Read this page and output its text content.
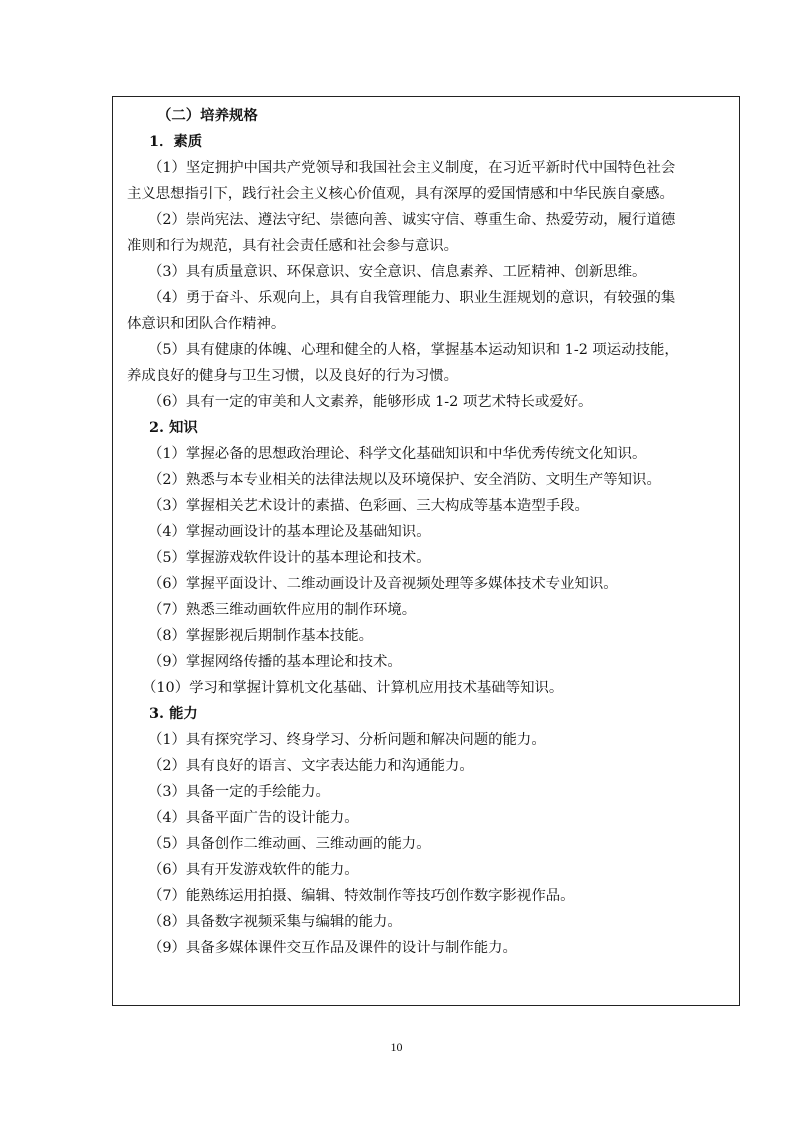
（二）培养规格
1．素质
（1）坚定拥护中国共产党领导和我国社会主义制度，在习近平新时代中国特色社会
主义思想指引下，践行社会主义核心价值观，具有深厚的爱国情感和中华民族自豪感。
（2）崇尚宪法、遵法守纪、崇德向善、诚实守信、尊重生命、热爱劳动，履行道德
准则和行为规范，具有社会责任感和社会参与意识。
（3）具有质量意识、环保意识、安全意识、信息素养、工匠精神、创新思维。
（4）勇于奋斗、乐观向上，具有自我管理能力、职业生涯规划的意识，有较强的集
体意识和团队合作精神。
（5）具有健康的体魄、心理和健全的人格，掌握基本运动知识和 1-2 项运动技能，
养成良好的健身与卫生习惯，以及良好的行为习惯。
（6）具有一定的审美和人文素养，能够形成 1-2 项艺术特长或爱好。
2. 知识
（1）掌握必备的思想政治理论、科学文化基础知识和中华优秀传统文化知识。
（2）熟悉与本专业相关的法律法规以及环境保护、安全消防、文明生产等知识。
（3）掌握相关艺术设计的素描、色彩画、三大构成等基本造型手段。
（4）掌握动画设计的基本理论及基础知识。
（5）掌握游戏软件设计的基本理论和技术。
（6）掌握平面设计、二维动画设计及音视频处理等多媒体技术专业知识。
（7）熟悉三维动画软件应用的制作环境。
（8）掌握影视后期制作基本技能。
（9）掌握网络传播的基本理论和技术。
（10）学习和掌握计算机文化基础、计算机应用技术基础等知识。
3. 能力
（1）具有探究学习、终身学习、分析问题和解决问题的能力。
（2）具有良好的语言、文字表达能力和沟通能力。
（3）具备一定的手绘能力。
（4）具备平面广告的设计能力。
（5）具备创作二维动画、三维动画的能力。
（6）具有开发游戏软件的能力。
（7）能熟练运用拍摄、编辑、特效制作等技巧创作数字影视作品。
（8）具备数字视频采集与编辑的能力。
（9）具备多媒体课件交互作品及课件的设计与制作能力。
10
